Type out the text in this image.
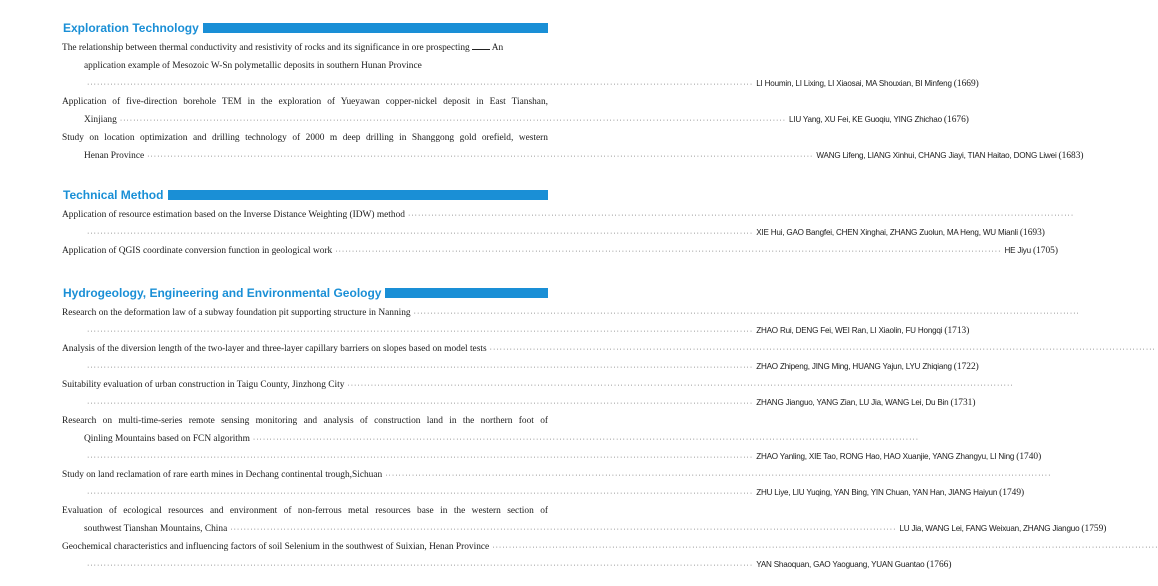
Exploration Technology
The relationship between thermal conductivity and resistivity of rocks and its significance in ore prospecting An
application example of Mesozoic W-Sn polymetallic deposits in southern Hunan Province
········································································································································································································ LI Houmin, LI Lixing, LI Xiaosai, MA Shouxian, BI Minfeng (1669)
Application of five-direction borehole TEM in the exploration of Yueyawan copper-nickel deposit in East Tianshan,
Xinjiang ········································································································································································································ LIU Yang, XU Fei, KE Guoqiu, YING Zhichao (1676)
Study on location optimization and drilling technology of 2000 m deep drilling in Shanggong gold orefield, western
Henan Province ········································································································································································································ WANG Lifeng, LIANG Xinhui, CHANG Jiayi, TIAN Haitao, DONG Liwei (1683)
Technical Method
Application of resource estimation based on the Inverse Distance Weighting (IDW) method ········································································································································································································
········································································································································································································ XIE Hui, GAO Bangfei, CHEN Xinghai, ZHANG Zuolun, MA Heng, WU Mianli (1693)
Application of QGIS coordinate conversion function in geological work ········································································································································································································ HE Jiyu (1705)
Hydrogeology, Engineering and Environmental Geology
Research on the deformation law of a subway foundation pit supporting structure in Nanning ········································································································································································································
········································································································································································································ ZHAO Rui, DENG Fei, WEI Ran, LI Xiaolin, FU Hongqi (1713)
Analysis of the diversion length of the two-layer and three-layer capillary barriers on slopes based on model tests ········································································································································································································
········································································································································································································ ZHAO Zhipeng, JING Ming, HUANG Yajun, LYU Zhiqiang (1722)
Suitability evaluation of urban construction in Taigu County, Jinzhong City ········································································································································································································
········································································································································································································ ZHANG Jianguo, YANG Zian, LU Jia, WANG Lei, Du Bin (1731)
Research on multi-time-series remote sensing monitoring and analysis of construction land in the northern foot of
Qinling Mountains based on FCN algorithm ········································································································································································································
········································································································································································································ ZHAO Yanling, XIE Tao, RONG Hao, HAO Xuanjie, YANG Zhangyu, LI Ning (1740)
Study on land reclamation of rare earth mines in Dechang continental trough,Sichuan ········································································································································································································
········································································································································································································ ZHU Liye, LIU Yuqing, YAN Bing, YIN Chuan, YAN Han, JIANG Haiyun (1749)
Evaluation of ecological resources and environment of non-ferrous metal resources base in the western section of
southwest Tianshan Mountains, China ········································································································································································································ LU Jia, WANG Lei, FANG Weixuan, ZHANG Jianguo (1759)
Geochemical characteristics and influencing factors of soil Selenium in the southwest of Suixian, Henan Province ········································································································································································································
········································································································································································································ YAN Shaoquan, GAO Yaoguang, YUAN Guantao (1766)
